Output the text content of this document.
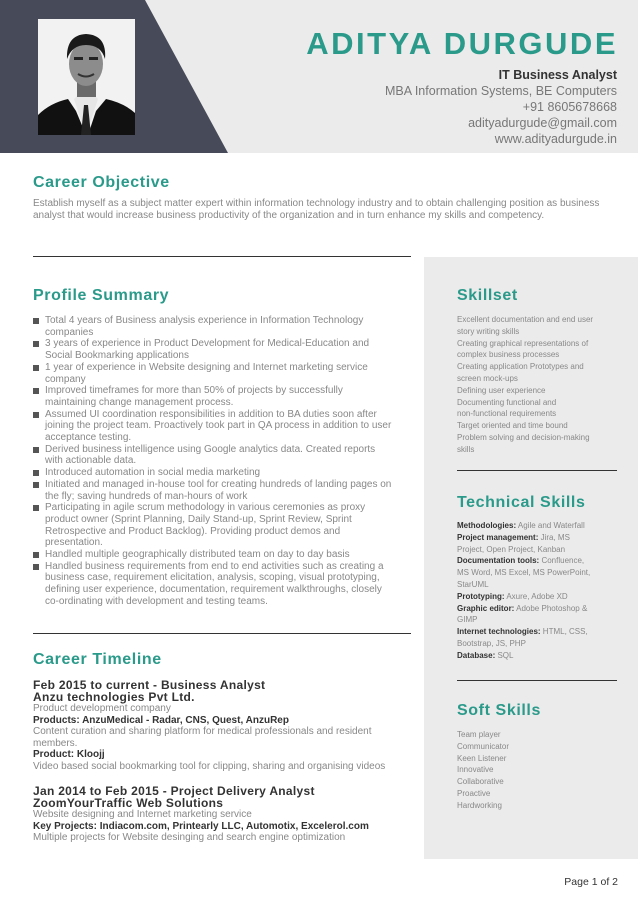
ADITYA DURGUDE
IT Business Analyst
MBA Information Systems, BE Computers
+91 8605678668
adityadurgude@gmail.com
www.adityadurgude.in
Career Objective
Establish myself as a subject matter expert within information technology industry and to obtain challenging position as business analyst that would increase business productivity of the organization and in turn enhance my skills and competency.
Profile Summary
Total 4 years of Business analysis experience in Information Technology companies
3 years of experience in Product Development for Medical-Education and Social Bookmarking applications
1 year of experience in Website designing and Internet marketing service company
Improved timeframes for more than 50% of projects by successfully maintaining change management process.
Assumed UI coordination responsibilities in addition to BA duties soon after joining the project team. Proactively took part in QA process in addition to user acceptance testing.
Derived business intelligence using Google analytics data. Created reports with actionable data.
Introduced automation in social media marketing
Initiated and managed in-house tool for creating hundreds of landing pages on the fly; saving hundreds of man-hours of work
Participating in agile scrum methodology in various ceremonies as proxy product owner (Sprint Planning, Daily Stand-up, Sprint Review, Sprint Retrospective and Product Backlog). Providing product demos and presentation.
Handled multiple geographically distributed team on day to day basis
Handled business requirements from end to end activities such as creating a business case, requirement elicitation, analysis, scoping, visual prototyping, defining user experience, documentation, requirement walkthroughs, closely co-ordinating with development and testing teams.
Career Timeline
Feb 2015 to current - Business Analyst
Anzu technologies Pvt Ltd.
Product development company
Products: AnzuMedical - Radar, CNS, Quest, AnzuRep
Content curation and sharing platform for medical professionals and resident members.
Product: Kloojj
Video based social bookmarking tool for clipping, sharing and organising videos
Jan 2014 to Feb 2015 - Project Delivery Analyst
ZoomYourTraffic Web Solutions
Website designing and Internet marketing service
Key Projects: Indiacom.com, Printearly LLC, Automotix, Excelerol.com
Multiple projects for Website desinging and search engine optimization
Skillset
Excellent documentation and end user
story writing skills
Creating graphical representations of
complex business processes
Creating application Prototypes and
screen mock-ups
Defining user experience
Documenting functional and
non-functional requirements
Target oriented and time bound
Problem solving and decision-making
skills
Technical Skills
Methodologies: Agile and Waterfall
Project management: Jira, MS
Project, Open Project, Kanban
Documentation tools: Confluence,
MS Word, MS Excel, MS PowerPoint,
StarUML
Prototyping: Axure, Adobe XD
Graphic editor: Adobe Photoshop &
GIMP
Internet technologies: HTML, CSS,
Bootstrap, JS, PHP
Database: SQL
Soft Skills
Team player
Communicator
Keen Listener
Innovative
Collaborative
Proactive
Hardworking
Page 1 of 2
